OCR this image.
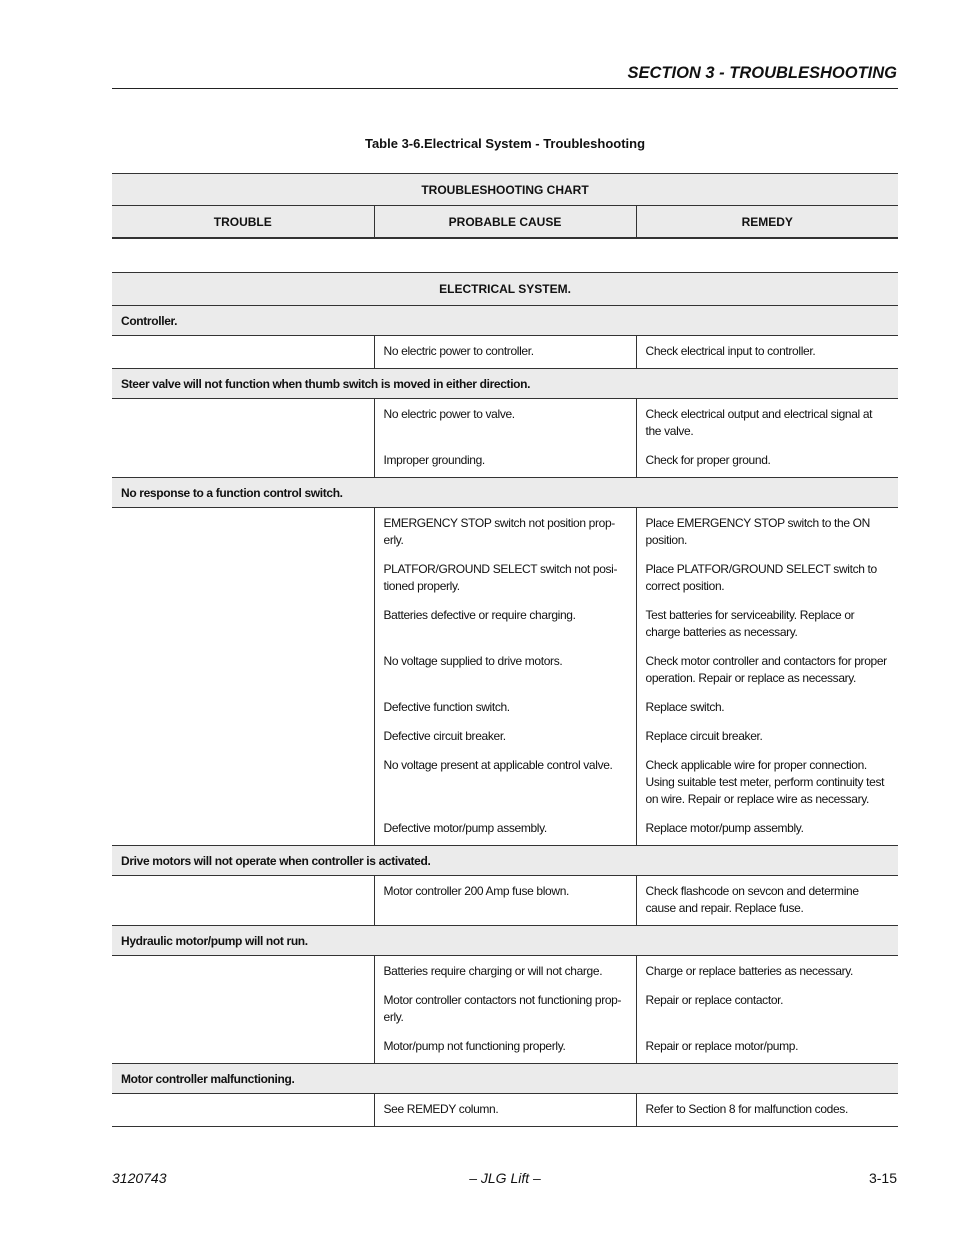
SECTION 3 - TROUBLESHOOTING
Table 3-6.Electrical System - Troubleshooting
TROUBLESHOOTING CHART
TROUBLE	PROBABLE CAUSE	REMEDY
ELECTRICAL SYSTEM.		
Controller.		
	No electric power to controller.	Check electrical input to controller.
Steer valve will not function when thumb switch is moved in either direction.		
	No electric power to valve.	Check electrical output and electrical signal at the valve.
	Improper grounding.	Check for proper ground.
No response to a function control switch.		
	EMERGENCY STOP switch not position prop-erly.	Place EMERGENCY STOP switch to the ON position.
	PLATFOR/GROUND SELECT switch not posi-tioned properly.	Place PLATFOR/GROUND SELECT switch to correct position.
	Batteries defective or require charging.	Test batteries for serviceability. Replace or charge batteries as necessary.
	No voltage supplied to drive motors.	Check motor controller and contactors for proper operation. Repair or replace as necessary.
	Defective function switch.	Replace switch.
	Defective circuit breaker.	Replace circuit breaker.
	No voltage present at applicable control valve.	Check applicable wire for proper connection. Using suitable test meter, perform continuity test on wire. Repair or replace wire as necessary.
	Defective motor/pump assembly.	Replace motor/pump assembly.
Drive motors will not operate when controller is activated.		
	Motor controller 200 Amp fuse blown.	Check flashcode on sevcon and determine cause and repair. Replace fuse.
Hydraulic motor/pump will not run.		
	Batteries require charging or will not charge.	Charge or replace batteries as necessary.
	Motor controller contactors not functioning prop-erly.	Repair or replace contactor.
	Motor/pump not functioning properly.	Repair or replace motor/pump.
Motor controller malfunctioning.		
	See REMEDY column.	Refer to Section 8 for malfunction codes.
3120743	– JLG Lift –	3-15
